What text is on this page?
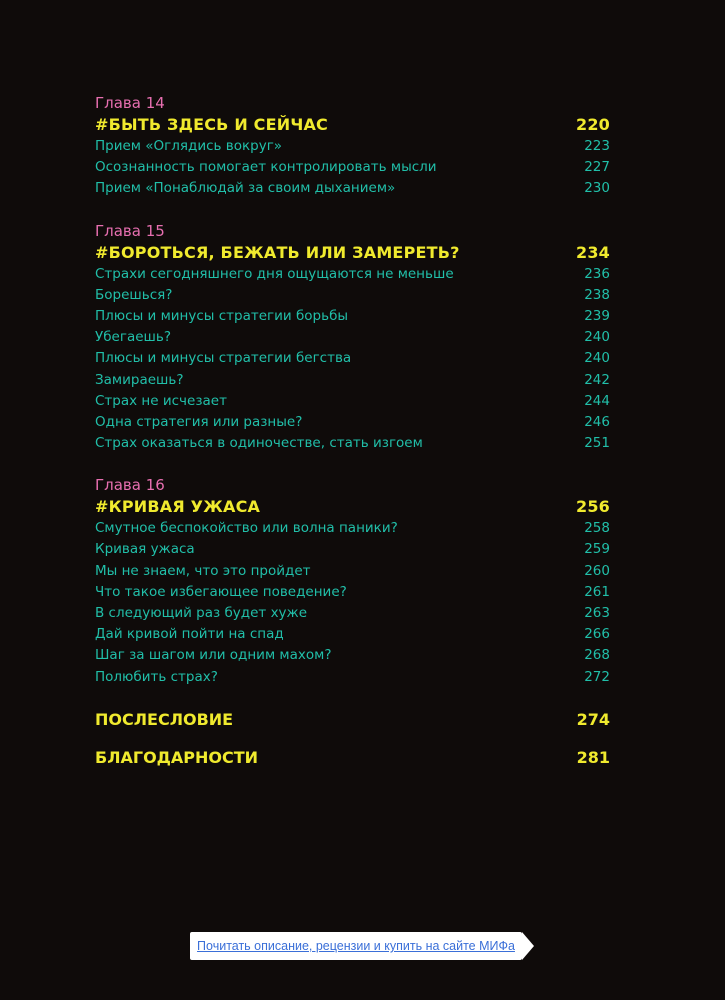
Глава 14
#БЫТЬ ЗДЕСЬ И СЕЙЧАС	220
Прием «Оглядись вокруг»	223
Осознанность помогает контролировать мысли	227
Прием «Понаблюдай за своим дыханием»	230
Глава 15
#БОРОТЬСЯ, БЕЖАТЬ ИЛИ ЗАМЕРЕТЬ?	234
Страхи сегодняшнего дня ощущаются не меньше	236
Борешься?	238
Плюсы и минусы стратегии борьбы	239
Убегаешь?	240
Плюсы и минусы стратегии бегства	240
Замираешь?	242
Страх не исчезает	244
Одна стратегия или разные?	246
Страх оказаться в одиночестве, стать изгоем	251
Глава 16
#КРИВАЯ УЖАСА	256
Смутное беспокойство или волна паники?	258
Кривая ужаса	259
Мы не знаем, что это пройдет	260
Что такое избегающее поведение?	261
В следующий раз будет хуже	263
Дай кривой пойти на спад	266
Шаг за шагом или одним махом?	268
Полюбить страх?	272
ПОСЛЕСЛОВИЕ	274
БЛАГОДАРНОСТИ	281
Почитать описание, рецензии и купить на сайте МИФа
